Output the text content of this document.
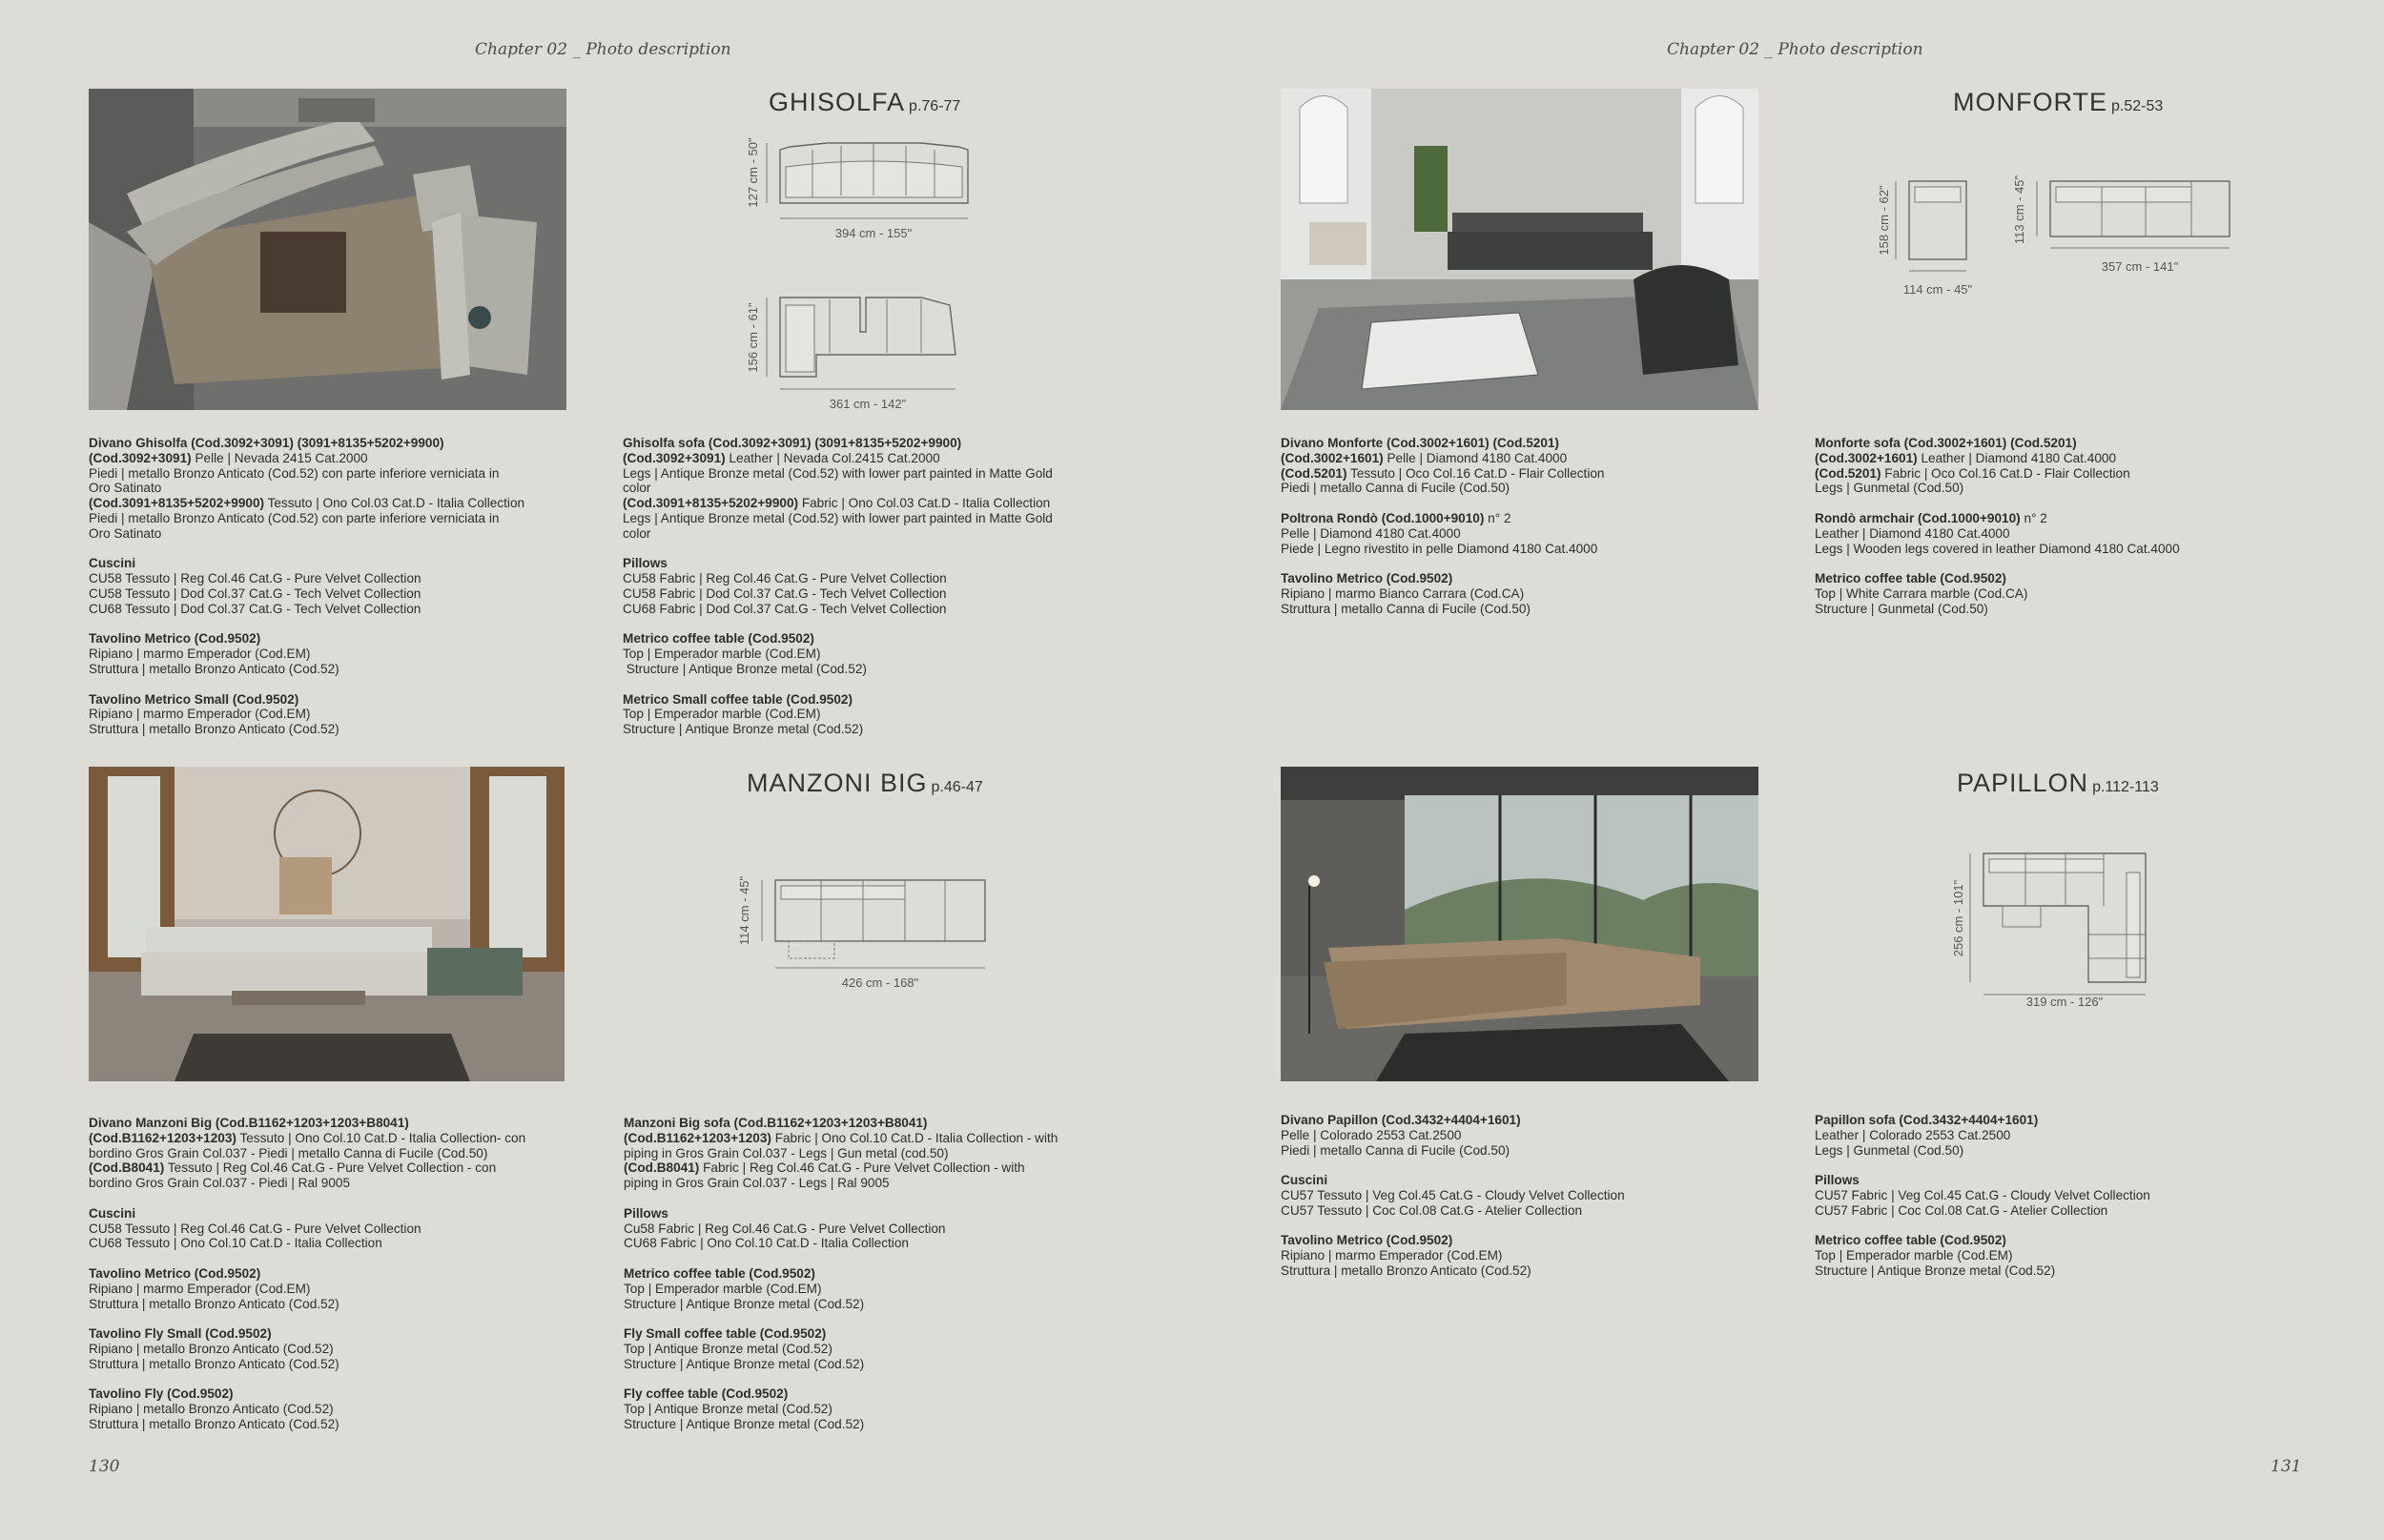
Chapter 02 _ Photo description	Chapter 02 _ Photo description
130	131
GHISOLFA p.76-77
394 cm - 155"
127 cm - 50"
361 cm - 142"
156 cm - 61"
Divano Ghisolfa (Cod.3092+3091) (3091+8135+5202+9900)
(Cod.3092+3091) Pelle | Nevada 2415 Cat.2000
Piedi | metallo Bronzo Anticato (Cod.52) con parte inferiore verniciata in
Oro Satinato
(Cod.3091+8135+5202+9900) Tessuto | Ono Col.03 Cat.D - Italia Collection
Piedi | metallo Bronzo Anticato (Cod.52) con parte inferiore verniciata in
Oro Satinato
Cuscini
CU58 Tessuto | Reg Col.46 Cat.G - Pure Velvet Collection
CU58 Tessuto | Dod Col.37 Cat.G - Tech Velvet Collection
CU68 Tessuto | Dod Col.37 Cat.G - Tech Velvet Collection
Tavolino Metrico (Cod.9502)
Ripiano | marmo Emperador (Cod.EM)
Struttura | metallo Bronzo Anticato (Cod.52)
Tavolino Metrico Small (Cod.9502)
Ripiano | marmo Emperador (Cod.EM)
Struttura | metallo Bronzo Anticato (Cod.52)
Ghisolfa sofa (Cod.3092+3091) (3091+8135+5202+9900)
(Cod.3092+3091) Leather | Nevada Col.2415 Cat.2000
Legs | Antique Bronze metal (Cod.52) with lower part painted in Matte Gold
color
(Cod.3091+8135+5202+9900) Fabric | Ono Col.03 Cat.D - Italia Collection
Legs | Antique Bronze metal (Cod.52) with lower part painted in Matte Gold
color
Pillows
CU58 Fabric | Reg Col.46 Cat.G - Pure Velvet Collection
CU58 Fabric | Dod Col.37 Cat.G - Tech Velvet Collection
CU68 Fabric | Dod Col.37 Cat.G - Tech Velvet Collection
Metrico coffee table (Cod.9502)
Top | Emperador marble (Cod.EM)
Structure | Antique Bronze metal (Cod.52)
Metrico Small coffee table (Cod.9502)
Top | Emperador marble (Cod.EM)
Structure | Antique Bronze metal (Cod.52)
MONFORTE p.52-53
114 cm - 45"
158 cm - 62"
357 cm - 141"
113 cm - 45"
Divano Monforte (Cod.3002+1601) (Cod.5201)
(Cod.3002+1601) Pelle | Diamond 4180 Cat.4000
(Cod.5201) Tessuto | Oco Col.16 Cat.D - Flair Collection
Piedi | metallo Canna di Fucile (Cod.50)
Poltrona Rondò (Cod.1000+9010) n° 2
Pelle | Diamond 4180 Cat.4000
Piede | Legno rivestito in pelle Diamond 4180 Cat.4000
Tavolino Metrico (Cod.9502)
Ripiano | marmo Bianco Carrara (Cod.CA)
Struttura | metallo Canna di Fucile (Cod.50)
Monforte sofa (Cod.3002+1601) (Cod.5201)
(Cod.3002+1601) Leather | Diamond 4180 Cat.4000
(Cod.5201) Fabric | Oco Col.16 Cat.D - Flair Collection
Legs | Gunmetal (Cod.50)
Rondò armchair (Cod.1000+9010) n° 2
Leather | Diamond 4180 Cat.4000
Legs | Wooden legs covered in leather Diamond 4180 Cat.4000
Metrico coffee table (Cod.9502)
Top | White Carrara marble (Cod.CA)
Structure | Gunmetal (Cod.50)
MANZONI BIG p.46-47
426 cm - 168"
114 cm - 45"
Divano Manzoni Big (Cod.B1162+1203+1203+B8041)
(Cod.B1162+1203+1203) Tessuto | Ono Col.10 Cat.D - Italia Collection- con
bordino Gros Grain Col.037 - Piedi | metallo Canna di Fucile (Cod.50)
(Cod.B8041) Tessuto | Reg Col.46 Cat.G - Pure Velvet Collection - con
bordino Gros Grain Col.037 - Piedi | Ral 9005
Cuscini
CU58 Tessuto | Reg Col.46 Cat.G - Pure Velvet Collection
CU68 Tessuto | Ono Col.10 Cat.D - Italia Collection
Tavolino Metrico (Cod.9502)
Ripiano | marmo Emperador (Cod.EM)
Struttura | metallo Bronzo Anticato (Cod.52)
Tavolino Fly Small (Cod.9502)
Ripiano | metallo Bronzo Anticato (Cod.52)
Struttura | metallo Bronzo Anticato (Cod.52)
Tavolino Fly (Cod.9502)
Ripiano | metallo Bronzo Anticato (Cod.52)
Struttura | metallo Bronzo Anticato (Cod.52)
Manzoni Big sofa (Cod.B1162+1203+1203+B8041)
(Cod.B1162+1203+1203) Fabric | Ono Col.10 Cat.D - Italia Collection - with
piping in Gros Grain Col.037 - Legs | Gun metal (cod.50)
(Cod.B8041) Fabric | Reg Col.46 Cat.G - Pure Velvet Collection - with
piping in Gros Grain Col.037 - Legs | Ral 9005
Pillows
Cu58 Fabric | Reg Col.46 Cat.G - Pure Velvet Collection
CU68 Fabric | Ono Col.10 Cat.D - Italia Collection
Metrico coffee table (Cod.9502)
Top | Emperador marble (Cod.EM)
Structure | Antique Bronze metal (Cod.52)
Fly Small coffee table (Cod.9502)
Top | Antique Bronze metal (Cod.52)
Structure | Antique Bronze metal (Cod.52)
Fly coffee table (Cod.9502)
Top | Antique Bronze metal (Cod.52)
Structure | Antique Bronze metal (Cod.52)
PAPILLON p.112-113
319 cm - 126"
256 cm - 101"
Divano Papillon (Cod.3432+4404+1601)
Pelle | Colorado 2553 Cat.2500
Piedi | metallo Canna di Fucile (Cod.50)
Cuscini
CU57 Tessuto | Veg Col.45 Cat.G - Cloudy Velvet Collection
CU57 Tessuto | Coc Col.08 Cat.G - Atelier Collection
Tavolino Metrico (Cod.9502)
Ripiano | marmo Emperador (Cod.EM)
Struttura | metallo Bronzo Anticato (Cod.52)
Papillon sofa (Cod.3432+4404+1601)
Leather | Colorado 2553 Cat.2500
Legs | Gunmetal (Cod.50)
Pillows
CU57 Fabric | Veg Col.45 Cat.G - Cloudy Velvet Collection
CU57 Fabric | Coc Col.08 Cat.G - Atelier Collection
Metrico coffee table (Cod.9502)
Top | Emperador marble (Cod.EM)
Structure | Antique Bronze metal (Cod.52)
